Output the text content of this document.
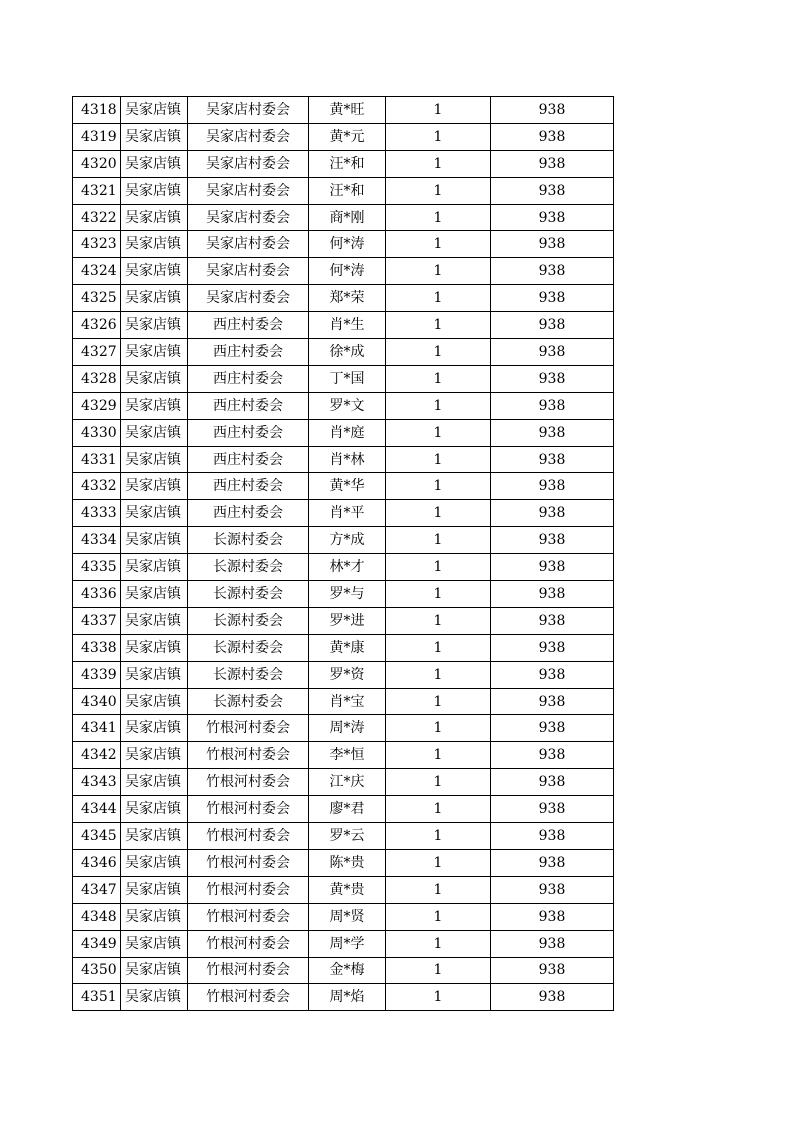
4318	吴家店镇	吴家店村委会	黄*旺	1	938
4319	吴家店镇	吴家店村委会	黄*元	1	938
4320	吴家店镇	吴家店村委会	汪*和	1	938
4321	吴家店镇	吴家店村委会	汪*和	1	938
4322	吴家店镇	吴家店村委会	商*刚	1	938
4323	吴家店镇	吴家店村委会	何*涛	1	938
4324	吴家店镇	吴家店村委会	何*涛	1	938
4325	吴家店镇	吴家店村委会	郑*荣	1	938
4326	吴家店镇	西庄村委会	肖*生	1	938
4327	吴家店镇	西庄村委会	徐*成	1	938
4328	吴家店镇	西庄村委会	丁*国	1	938
4329	吴家店镇	西庄村委会	罗*文	1	938
4330	吴家店镇	西庄村委会	肖*庭	1	938
4331	吴家店镇	西庄村委会	肖*林	1	938
4332	吴家店镇	西庄村委会	黄*华	1	938
4333	吴家店镇	西庄村委会	肖*平	1	938
4334	吴家店镇	长源村委会	方*成	1	938
4335	吴家店镇	长源村委会	林*才	1	938
4336	吴家店镇	长源村委会	罗*与	1	938
4337	吴家店镇	长源村委会	罗*进	1	938
4338	吴家店镇	长源村委会	黄*康	1	938
4339	吴家店镇	长源村委会	罗*资	1	938
4340	吴家店镇	长源村委会	肖*宝	1	938
4341	吴家店镇	竹根河村委会	周*涛	1	938
4342	吴家店镇	竹根河村委会	李*恒	1	938
4343	吴家店镇	竹根河村委会	江*庆	1	938
4344	吴家店镇	竹根河村委会	廖*君	1	938
4345	吴家店镇	竹根河村委会	罗*云	1	938
4346	吴家店镇	竹根河村委会	陈*贵	1	938
4347	吴家店镇	竹根河村委会	黄*贵	1	938
4348	吴家店镇	竹根河村委会	周*贤	1	938
4349	吴家店镇	竹根河村委会	周*学	1	938
4350	吴家店镇	竹根河村委会	金*梅	1	938
4351	吴家店镇	竹根河村委会	周*焰	1	938
